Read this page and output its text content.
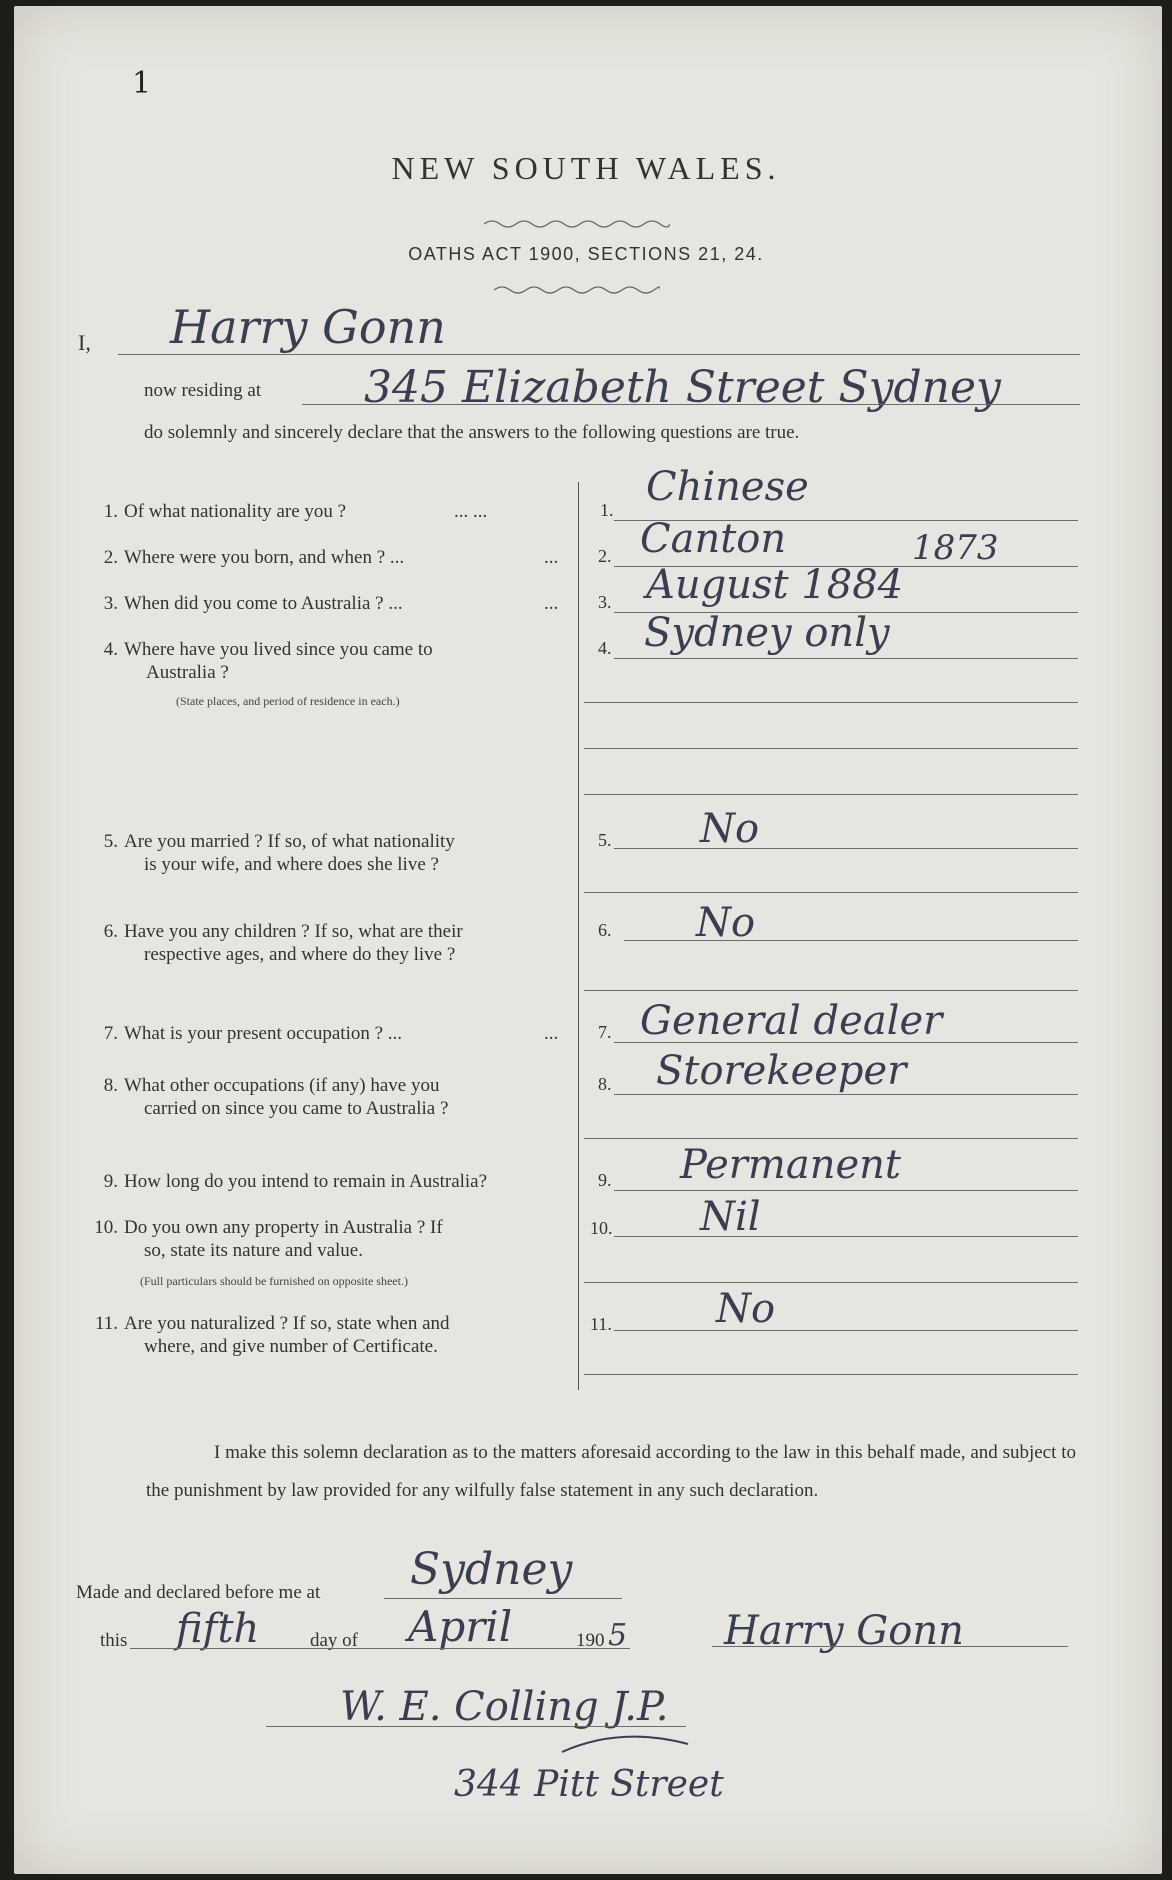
1
NEW SOUTH WALES.
OATHS ACT 1900, SECTIONS 21, 24.
I, Harry Gonn
now residing at 345 Elizabeth Street Sydney
do solemnly and sincerely declare that the answers to the following questions are true.
1. Of what nationality are you ?	... ...	1. Chinese
2. Where were you born, and when ? ...	... 2. Canton	1873
3. When did you come to Australia ? ...	... 3. August 1884
4. Where have you lived since you came to
Australia ?
(State places, and period of residence in each.)
4. Sydney only
5. Are you married ? If so, of what nationality
is your wife, and where does she live ?
5. No
6. Have you any children ? If so, what are their
respective ages, and where do they live ?
6. No
7. What is your present occupation ? ...	... 7. General dealer
8. What other occupations (if any) have you
carried on since you came to Australia ?
8. Storekeeper
9. How long do you intend to remain in Australia?	9. Permanent
10. Do you own any property in Australia ? If
so, state its nature and value.
(Full particulars should be furnished on opposite sheet.)
10. Nil
11. Are you naturalized ? If so, state when and
where, and give number of Certificate.
11.	No
I make this solemn declaration as to the matters aforesaid according to the law in this behalf made, and subject to the punishment by law provided for any wilfully false statement in any such declaration.
Made and declared before me at Sydney
this fifth	day of April	190 5 Harry Gonn
W. E. Colling J.P.
344 Pitt Street
